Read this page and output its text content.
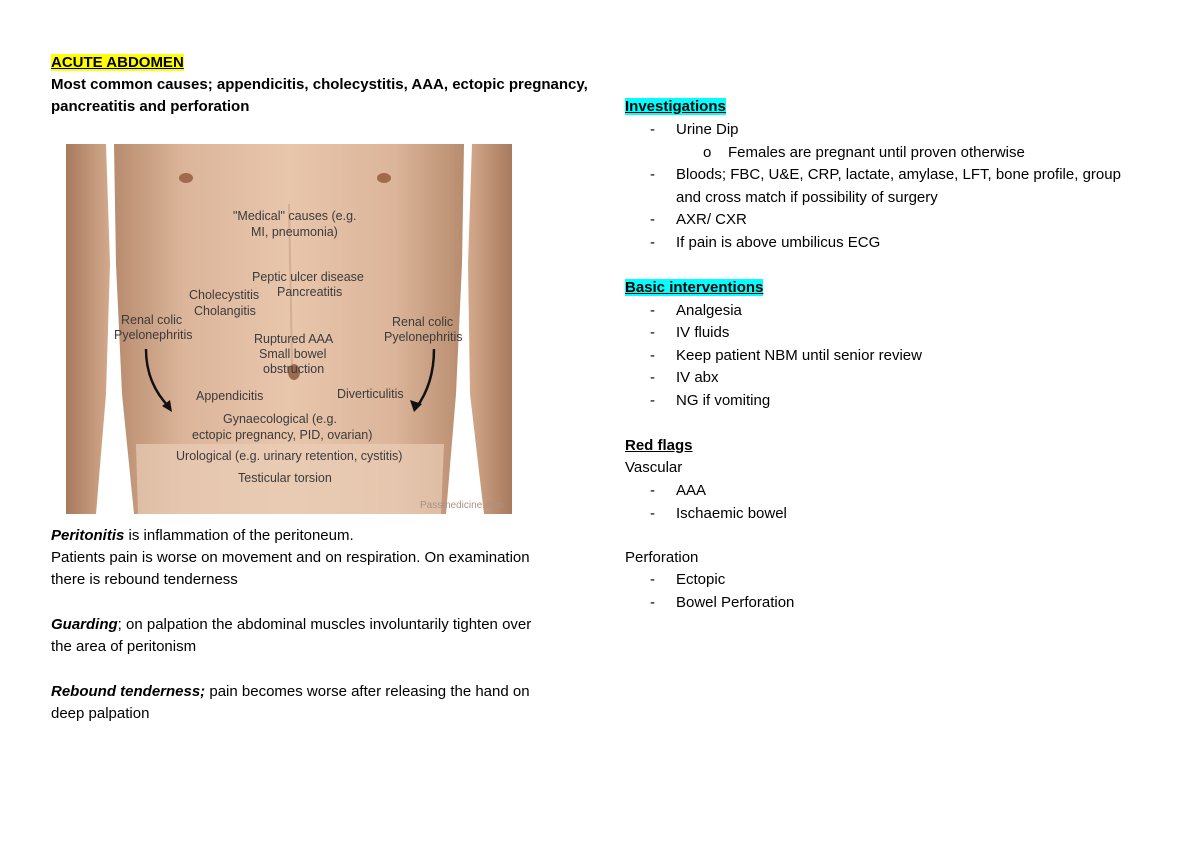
ACUTE ABDOMEN
Most common causes; appendicitis, cholecystitis, AAA, ectopic pregnancy,
pancreatitis and perforation
"Medical" causes (e.g.
MI, pneumonia)
Peptic ulcer disease
Pancreatitis
Cholecystitis
Cholangitis
Renal colic
Pyelonephritis
Renal colic
Pyelonephritis
Ruptured AAA
Small bowel
obstruction
Appendicitis	Diverticulitis
Gynaecological (e.g.
ectopic pregnancy, PID, ovarian)
Urological (e.g. urinary retention, cystitis)
Testicular torsion
Passmedicine.com
Peritonitis is inflammation of the peritoneum.
Patients pain is worse on movement and on respiration. On examination
there is rebound tenderness
Guarding; on palpation the abdominal muscles involuntarily tighten over
the area of peritonism
Rebound tenderness; pain becomes worse after releasing the hand on
deep palpation
Investigations
- Urine Dip
o Females are pregnant until proven otherwise
- Bloods; FBC, U&E, CRP, lactate, amylase, LFT, bone profile, group
and cross match if possibility of surgery
- AXR/ CXR
- If pain is above umbilicus ECG
Basic interventions
- Analgesia
- IV fluids
- Keep patient NBM until senior review
- IV abx
- NG if vomiting
Red flags
Vascular
- AAA
- Ischaemic bowel
Perforation
- Ectopic
- Bowel Perforation
